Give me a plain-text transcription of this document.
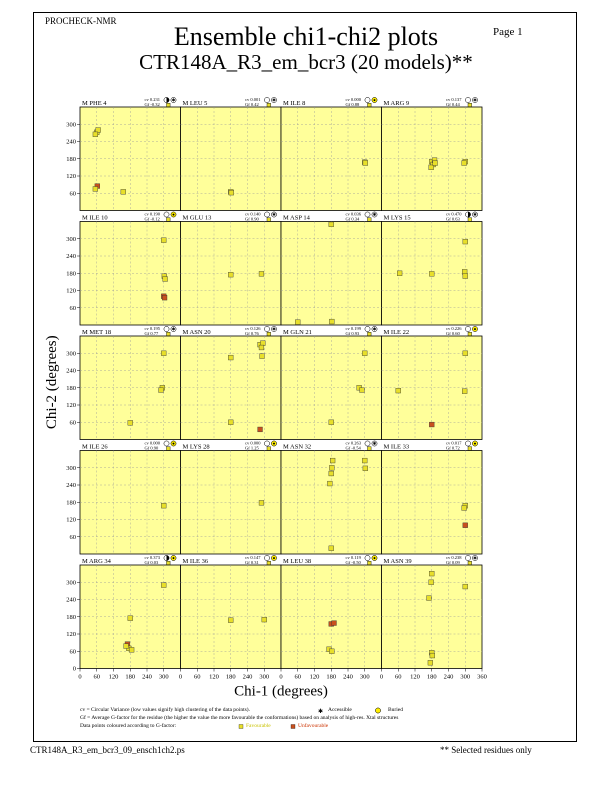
PROCHECK-NMR
Page 1
Ensemble chi1-chi2 plots
CTR148A_R3_em_bcr3 (20 models)**
M PHE 4
cv 0.231
Gf -0.32
✱
60
120
180
240
300
M LEU 5
cv 0.001
Gf 0.42
✱ M ILE 8
cv 0.000
Gf 0.88
● M ARG 9
cv 0.137
Gf 0.44
✱
M ILE 10
cv 0.190
Gf -0.12
●
60
120
180
240
300
M GLU 13
cv 0.140
Gf 0.90
✱ M ASP 14
cv 0.036
Gf 0.34
✱ M LYS 15
cv 0.470
Gf 0.63
✱
M MET 18
cv 0.195
Gf 0.77
✱
60
120
180
240
300
M ASN 20
cv 0.126
Gf 0.76
✱ M GLN 21
cv 0.199
Gf 0.93
✱ M ILE 22
cv 0.226
Gf 0.60
●
M ILE 26
cv 0.000
Gf 0.90
●
60
120
180
240
300
M LYS 28
cv 0.000
Gf 1.25
● M ASN 32
cv 0.263
Gf -0.54
✱ M ILE 33
cv 0.017
Gf 0.72
●
M ARG 34
cv 0.373
Gf 0.03
●
0
60
120
180
240
300
M ILE 36
cv 0.147
Gf 0.31
● M LEU 38
cv 0.119
Gf -0.50
● M ASN 39
cv 0.238
Gf 0.09
✱
0 60 120 180 240 300 0 60 120 180 240 300 0 60 120 180 240 300 0 60 120 180 240 300 360
Chi-1 (degrees)
Chi-2 (degrees)
✱
cv = Circular Variance (low values signify high clustering of the data points).
Gf = Average G-factor for the residue (the higher the value the more favourable the conformations) based on analysis of high-res. Xtal structures
Data points coloured according to G-factor:
Accessible	Buried
Favourable	Unfavourable
CTR148A_R3_em_bcr3_09_ensch1ch2.ps	** Selected residues only
